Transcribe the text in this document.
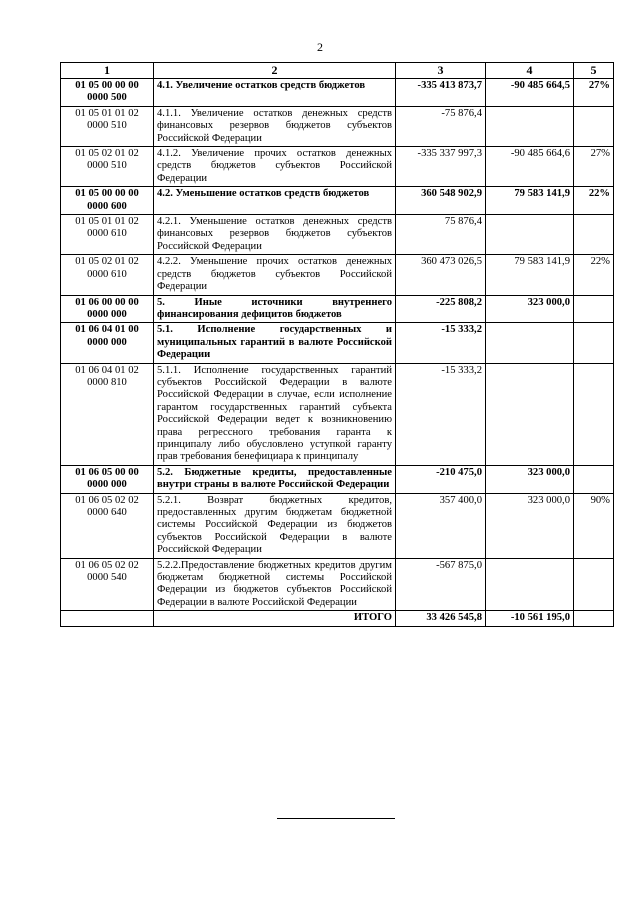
2
1	2	3	4	5
01 05 00 00 00 0000 500	4.1. Увеличение остатков средств бюджетов	-335 413 873,7	-90 485 664,5	27%
01 05 01 01 02 0000 510	4.1.1. Увеличение остатков денежных средств финансовых резервов бюджетов субъектов Российской Федерации	-75 876,4		
01 05 02 01 02 0000 510	4.1.2. Увеличение прочих остатков денежных средств бюджетов субъектов Российской Федерации	-335 337 997,3	-90 485 664,6	27%
01 05 00 00 00 0000 600	4.2. Уменьшение остатков средств бюджетов	360 548 902,9	79 583 141,9	22%
01 05 01 01 02 0000 610	4.2.1. Уменьшение остатков денежных средств финансовых резервов бюджетов субъектов Российской Федерации	75 876,4		
01 05 02 01 02 0000 610	4.2.2. Уменьшение прочих остатков денежных средств бюджетов субъектов Российской Федерации	360 473 026,5	79 583 141,9	22%
01 06 00 00 00 0000 000	5. Иные источники внутреннего финансирования дефицитов бюджетов	-225 808,2	323 000,0	
01 06 04 01 00 0000 000	5.1. Исполнение государственных и муниципальных гарантий в валюте Российской Федерации	-15 333,2		
01 06 04 01 02 0000 810	5.1.1. Исполнение государственных гарантий субъектов Российской Федерации в валюте Российской Федерации в случае, если исполнение гарантом государственных гарантий субъекта Российской Федерации ведет к возникновению права регрессного требования гаранта к принципалу либо обусловлено уступкой гаранту прав требования бенефициара к принципалу	-15 333,2		
01 06 05 00 00 0000 000	5.2. Бюджетные кредиты, предоставленные внутри страны в валюте Российской Федерации	-210 475,0	323 000,0	
01 06 05 02 02 0000 640	5.2.1. Возврат бюджетных кредитов, предоставленных другим бюджетам бюджетной системы Российской Федерации из бюджетов субъектов Российской Федерации в валюте Российской Федерации	357 400,0	323 000,0	90%
01 06 05 02 02 0000 540	5.2.2.Предоставление бюджетных кредитов другим бюджетам бюджетной системы Российской Федерации из бюджетов субъектов Российской Федерации в валюте Российской Федерации	-567 875,0		
	ИТОГО	33 426 545,8	-10 561 195,0	
